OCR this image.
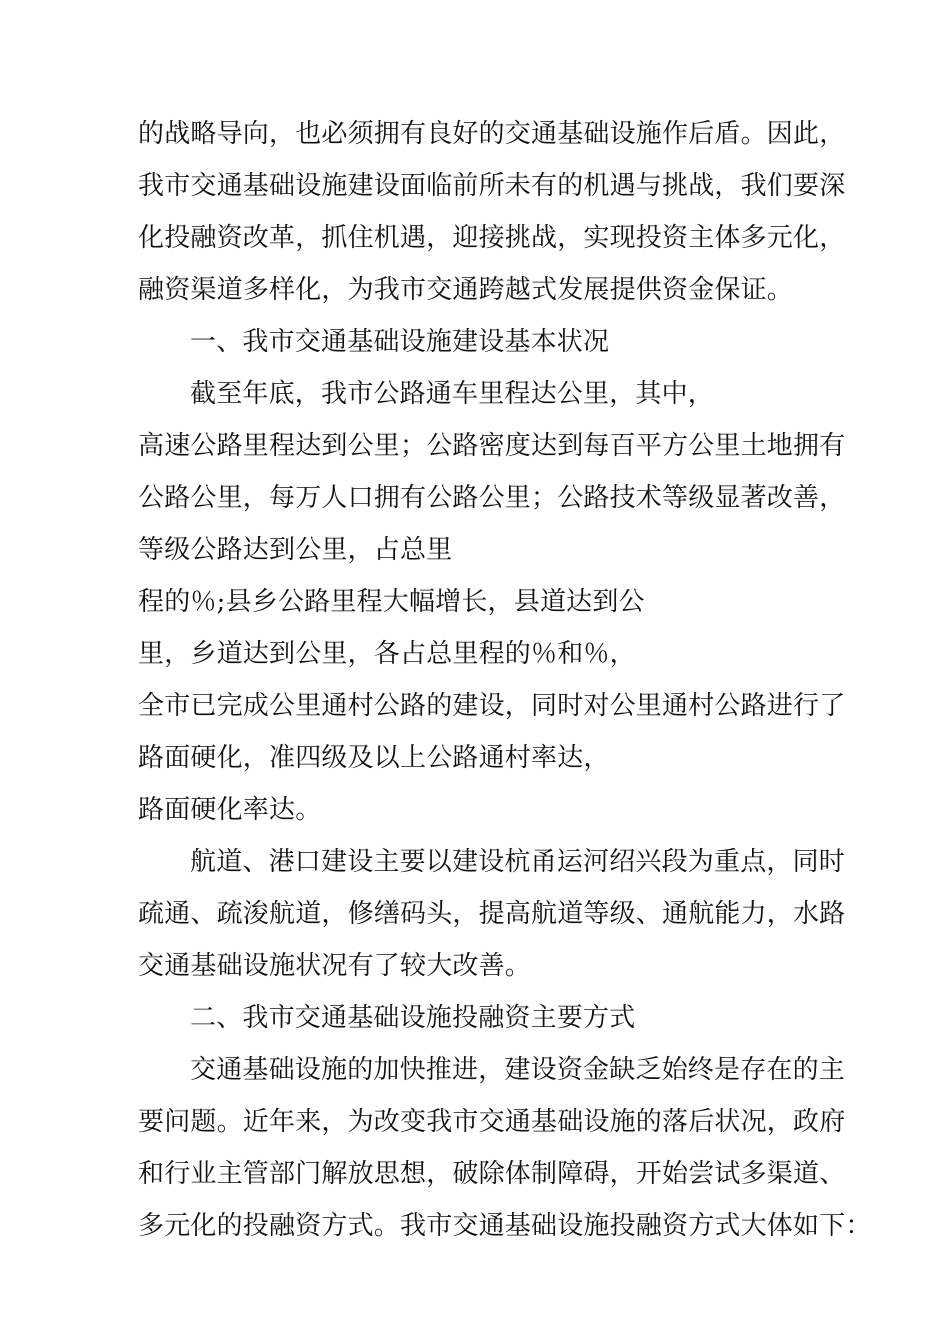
的战略导向，也必须拥有良好的交通基础设施作后盾。因此，
我市交通基础设施建设面临前所未有的机遇与挑战，我们要深
化投融资改革，抓住机遇，迎接挑战，实现投资主体多元化，
融资渠道多样化，为我市交通跨越式发展提供资金保证。
一、我市交通基础设施建设基本状况
截至年底，我市公路通车里程达公里，其中，
高速公路里程达到公里；公路密度达到每百平方公里土地拥有
公路公里，每万人口拥有公路公里；公路技术等级显著改善，
等级公路达到公里，占总里
程的％;县乡公路里程大幅增长，县道达到公
里，乡道达到公里，各占总里程的％和％，
全市已完成公里通村公路的建设，同时对公里通村公路进行了
路面硬化，准四级及以上公路通村率达，
路面硬化率达。
航道、港口建设主要以建设杭甬运河绍兴段为重点，同时
疏通、疏浚航道，修缮码头，提高航道等级、通航能力，水路
交通基础设施状况有了较大改善。
二、我市交通基础设施投融资主要方式
交通基础设施的加快推进，建设资金缺乏始终是存在的主
要问题。近年来，为改变我市交通基础设施的落后状况，政府
和行业主管部门解放思想，破除体制障碍，开始尝试多渠道、
多元化的投融资方式。我市交通基础设施投融资方式大体如下：
